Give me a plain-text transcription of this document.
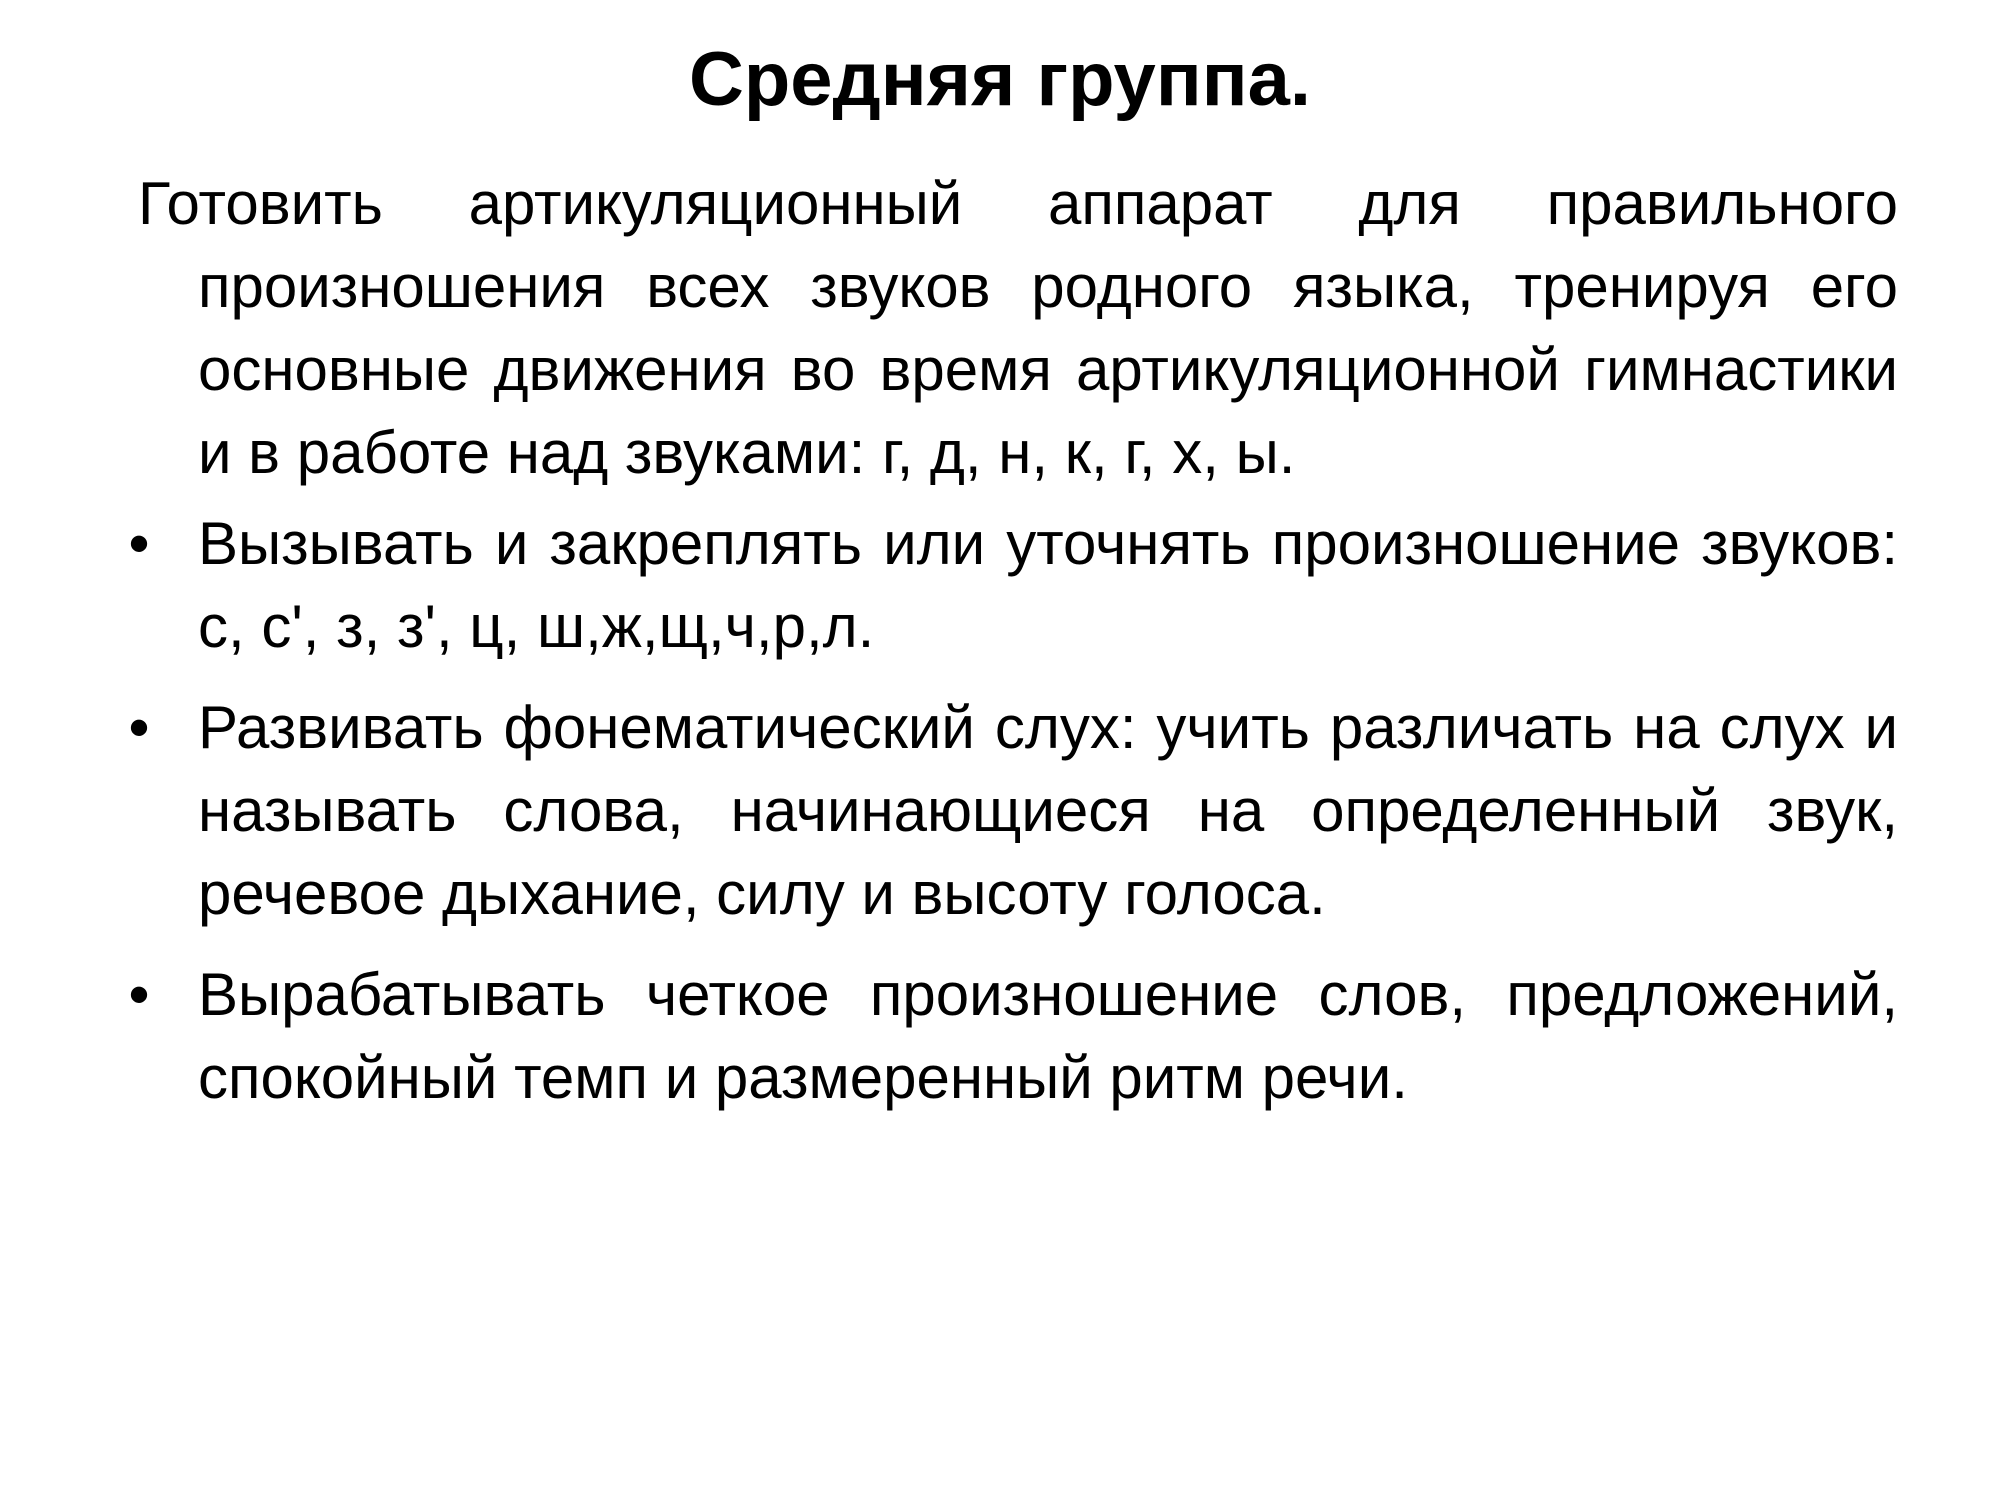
Средняя группа.

Готовить артикуляционный аппарат для правильного произношения всех звуков родного языка, тренируя его основные движения во время артикуляционной гимнастики и в работе над звуками: г, д, н, к, г, х, ы.

• Вызывать и закреплять или уточнять произношение звуков: с, с', з, з', ц, ш,ж,щ,ч,р,л.
• Развивать фонематический слух: учить различать на слух и называть слова, начинающиеся на определенный звук, речевое дыхание, силу и высоту голоса.
• Вырабатывать четкое произношение слов, предложений, спокойный темп и размеренный ритм речи.
